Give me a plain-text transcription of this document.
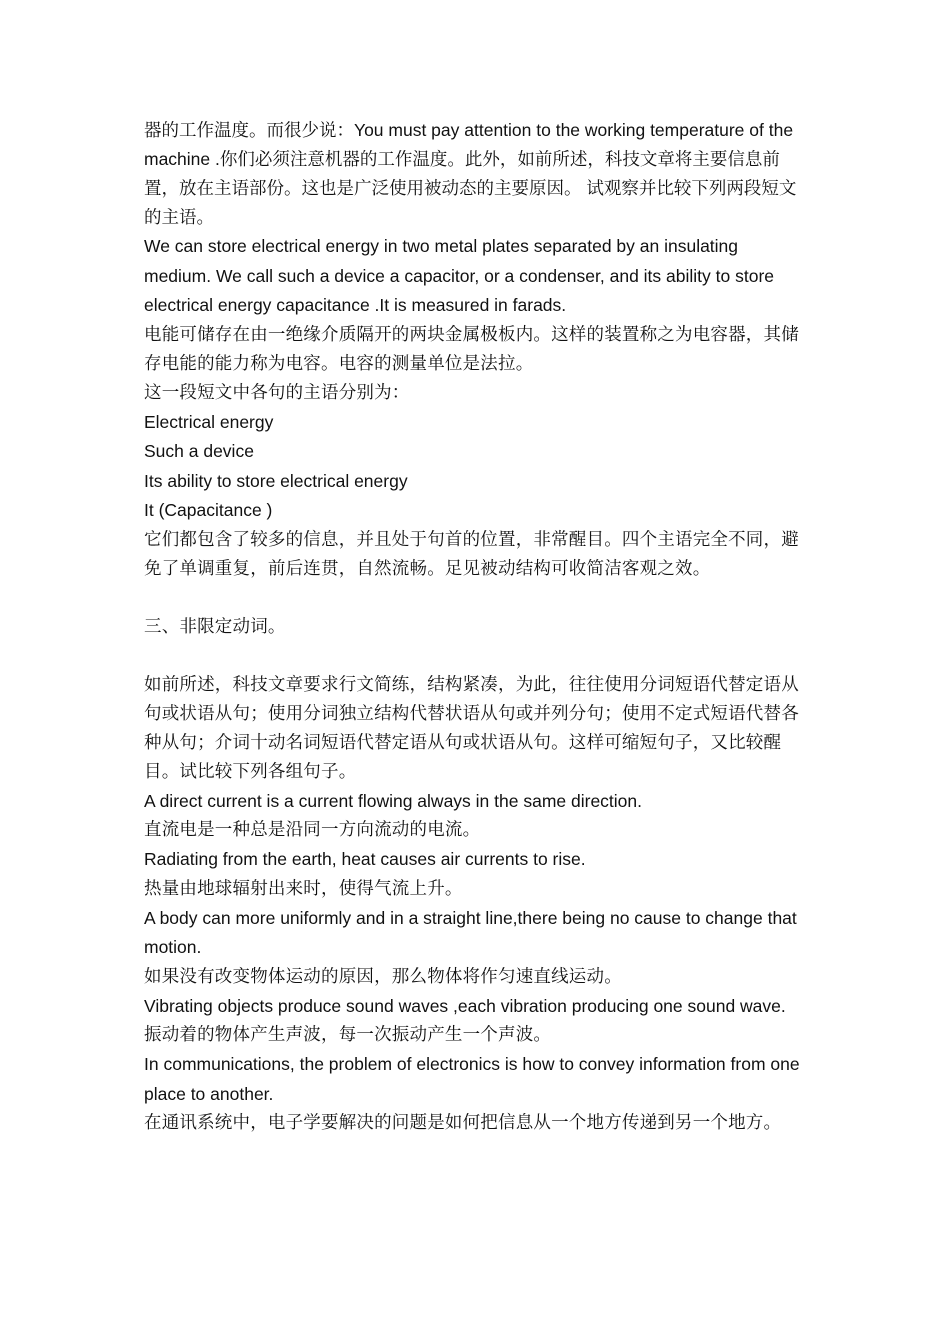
器的工作温度。而很少说：You must pay attention to the working temperature of the machine .你们必须注意机器的工作温度。此外，如前所述，科技文章将主要信息前置，放在主语部份。这也是广泛使用被动态的主要原因。 试观察并比较下列两段短文的主语。

We can store electrical energy in two metal plates separated by an insulating medium. We call such a device a capacitor, or a condenser, and its ability to store electrical energy capacitance .It is measured in farads.

电能可储存在由一绝缘介质隔开的两块金属极板内。这样的装置称之为电容器，其储存电能的能力称为电容。电容的测量单位是法拉。

这一段短文中各句的主语分别为：

Electrical energy

Such a device

Its ability to store electrical energy

It (Capacitance )

它们都包含了较多的信息，并且处于句首的位置，非常醒目。四个主语完全不同，避免了单调重复，前后连贯，自然流畅。足见被动结构可收简洁客观之效。

三、非限定动词。

如前所述，科技文章要求行文简练，结构紧凑，为此，往往使用分词短语代替定语从句或状语从句；使用分词独立结构代替状语从句或并列分句；使用不定式短语代替各种从句；介词十动名词短语代替定语从句或状语从句。这样可缩短句子，又比较醒目。试比较下列各组句子。

A direct current is a current flowing always in the same direction.

直流电是一种总是沿同一方向流动的电流。

Radiating from the earth, heat causes air currents to rise.

热量由地球辐射出来时，使得气流上升。

A body can more uniformly and in a straight line,there being no cause to change that motion.

如果没有改变物体运动的原因，那么物体将作匀速直线运动。

Vibrating objects produce sound waves ,each vibration producing one sound wave.

振动着的物体产生声波，每一次振动产生一个声波。

In communications, the problem of electronics is how to convey information from one place to another.

在通讯系统中，电子学要解决的问题是如何把信息从一个地方传递到另一个地方。
